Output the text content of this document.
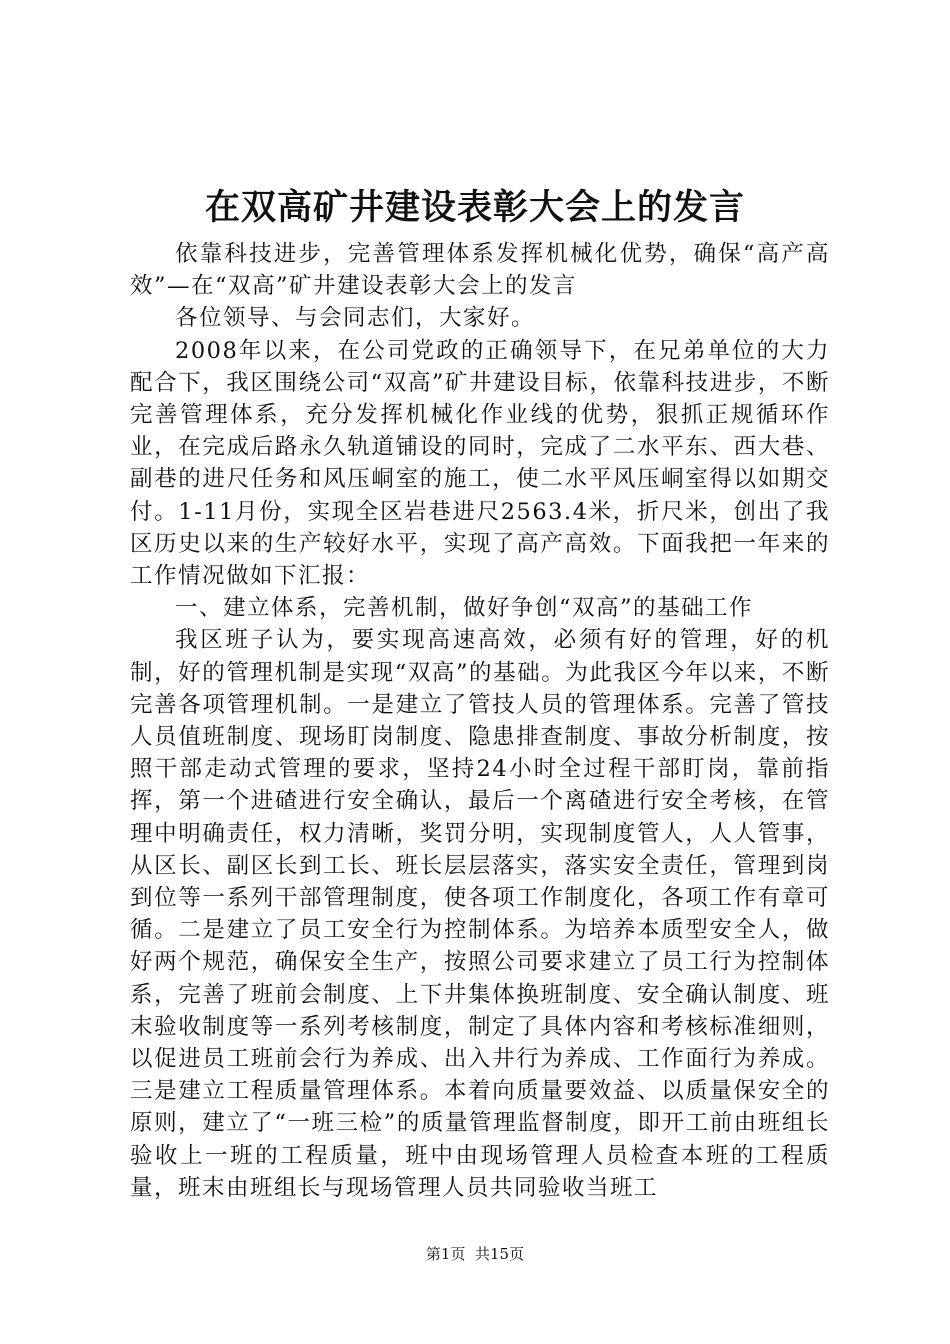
在双高矿井建设表彰大会上的发言

依靠科技进步，完善管理体系发挥机械化优势，确保“高产高效”—在“双高”矿井建设表彰大会上的发言

各位领导、与会同志们，大家好。

2008年以来，在公司党政的正确领导下，在兄弟单位的大力配合下，我区围绕公司“双高”矿井建设目标，依靠科技进步，不断完善管理体系，充分发挥机械化作业线的优势，狠抓正规循环作业，在完成后路永久轨道铺设的同时，完成了二水平东、西大巷、副巷的进尺任务和风压峒室的施工，使二水平风压峒室得以如期交付。1-11月份，实现全区岩巷进尺2563.4米，折尺米，创出了我区历史以来的生产较好水平，实现了高产高效。下面我把一年来的工作情况做如下汇报：

一、建立体系，完善机制，做好争创“双高”的基础工作

我区班子认为，要实现高速高效，必须有好的管理，好的机制，好的管理机制是实现“双高”的基础。为此我区今年以来，不断完善各项管理机制。一是建立了管技人员的管理体系。完善了管技人员值班制度、现场盯岗制度、隐患排查制度、事故分析制度，按照干部走动式管理的要求，坚持24小时全过程干部盯岗，靠前指挥，第一个进碴进行安全确认，最后一个离碴进行安全考核，在管理中明确责任，权力清晰，奖罚分明，实现制度管人，人人管事，从区长、副区长到工长、班长层层落实，落实安全责任，管理到岗到位等一系列干部管理制度，使各项工作制度化，各项工作有章可循。二是建立了员工安全行为控制体系。为培养本质型安全人，做好两个规范，确保安全生产，按照公司要求建立了员工行为控制体系，完善了班前会制度、上下井集体换班制度、安全确认制度、班末验收制度等一系列考核制度，制定了具体内容和考核标准细则，以促进员工班前会行为养成、出入井行为养成、工作面行为养成。三是建立工程质量管理体系。本着向质量要效益、以质量保安全的原则，建立了“一班三检”的质量管理监督制度，即开工前由班组长验收上一班的工程质量，班中由现场管理人员检查本班的工程质量，班末由班组长与现场管理人员共同验收当班工

第1页 共15页
